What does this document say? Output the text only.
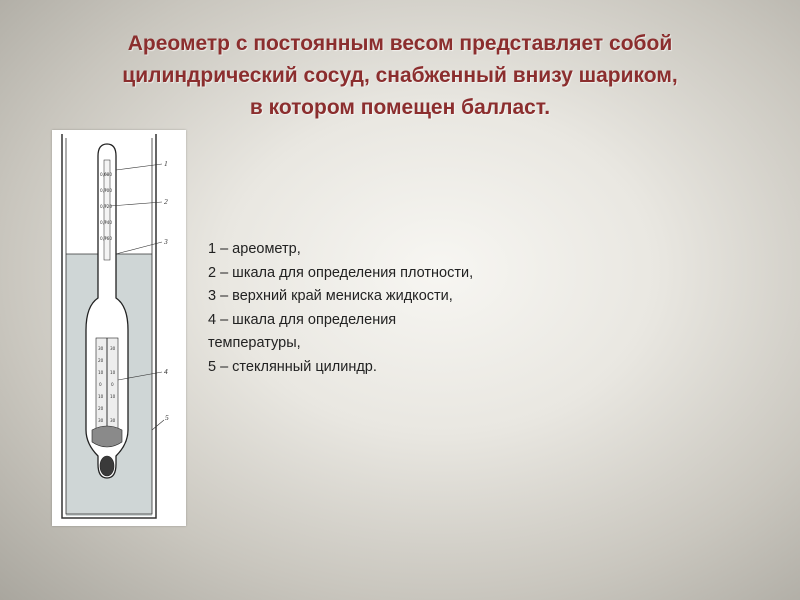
Ареометр с постоянным весом представляет собой
цилиндрический сосуд, снабженный внизу шариком,
в котором помещен балласт.
0,680
0,700
0,720
0,740
0,760
30
20
10
0
10
20
30
30
10
0
10
30
1
2
3
4
5
1 – ареометр,
2 – шкала для определения плотности,
3 – верхний край мениска жидкости,
4 – шкала для определения
температуры,
5 – стеклянный цилиндр.
